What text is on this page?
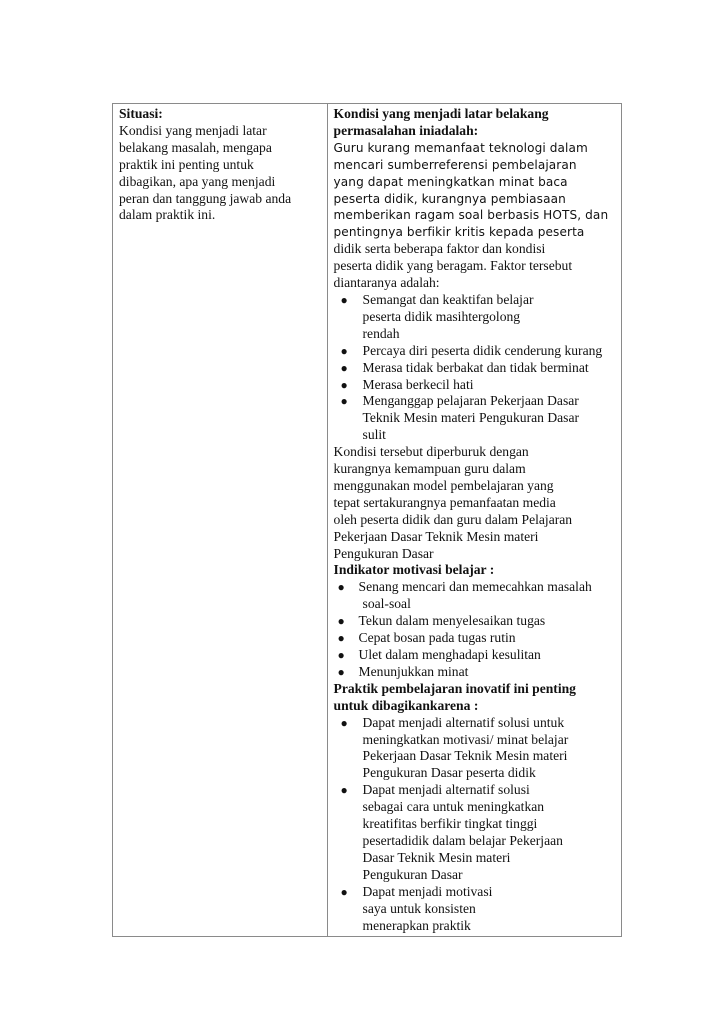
Situasi:
Kondisi yang menjadi latar
belakang masalah, mengapa
praktik ini penting untuk
dibagikan, apa yang menjadi
peran dan tanggung jawab anda
dalam praktik ini.

Kondisi yang menjadi latar belakang
permasalahan iniadalah:
Guru kurang memanfaat teknologi dalam
mencari sumberreferensi pembelajaran
yang dapat meningkatkan minat baca
peserta didik, kurangnya pembiasaan
memberikan ragam soal berbasis HOTS, dan
pentingnya berfikir kritis kepada peserta
didik serta beberapa faktor dan kondisi
peserta didik yang beragam. Faktor tersebut
diantaranya adalah:
● Semangat dan keaktifan belajar
peserta didik masihtergolong
rendah
● Percaya diri peserta didik cenderung kurang
● Merasa tidak berbakat dan tidak berminat
● Merasa berkecil hati
● Menganggap pelajaran Pekerjaan Dasar
Teknik Mesin materi Pengukuran Dasar
sulit
Kondisi tersebut diperburuk dengan
kurangnya kemampuan guru dalam
menggunakan model pembelajaran yang
tepat sertakurangnya pemanfaatan media
oleh peserta didik dan guru dalam Pelajaran
Pekerjaan Dasar Teknik Mesin materi
Pengukuran Dasar
Indikator motivasi belajar :
● Senang mencari dan memecahkan masalah
soal-soal
● Tekun dalam menyelesaikan tugas
● Cepat bosan pada tugas rutin
● Ulet dalam menghadapi kesulitan
● Menunjukkan minat
Praktik pembelajaran inovatif ini penting
untuk dibagikankarena :
● Dapat menjadi alternatif solusi untuk
meningkatkan motivasi/ minat belajar
Pekerjaan Dasar Teknik Mesin materi
Pengukuran Dasar peserta didik
● Dapat menjadi alternatif solusi
sebagai cara untuk meningkatkan
kreatifitas berfikir tingkat tinggi
pesertadidik dalam belajar Pekerjaan
Dasar Teknik Mesin materi
Pengukuran Dasar
● Dapat menjadi motivasi
saya untuk konsisten
menerapkan praktik
